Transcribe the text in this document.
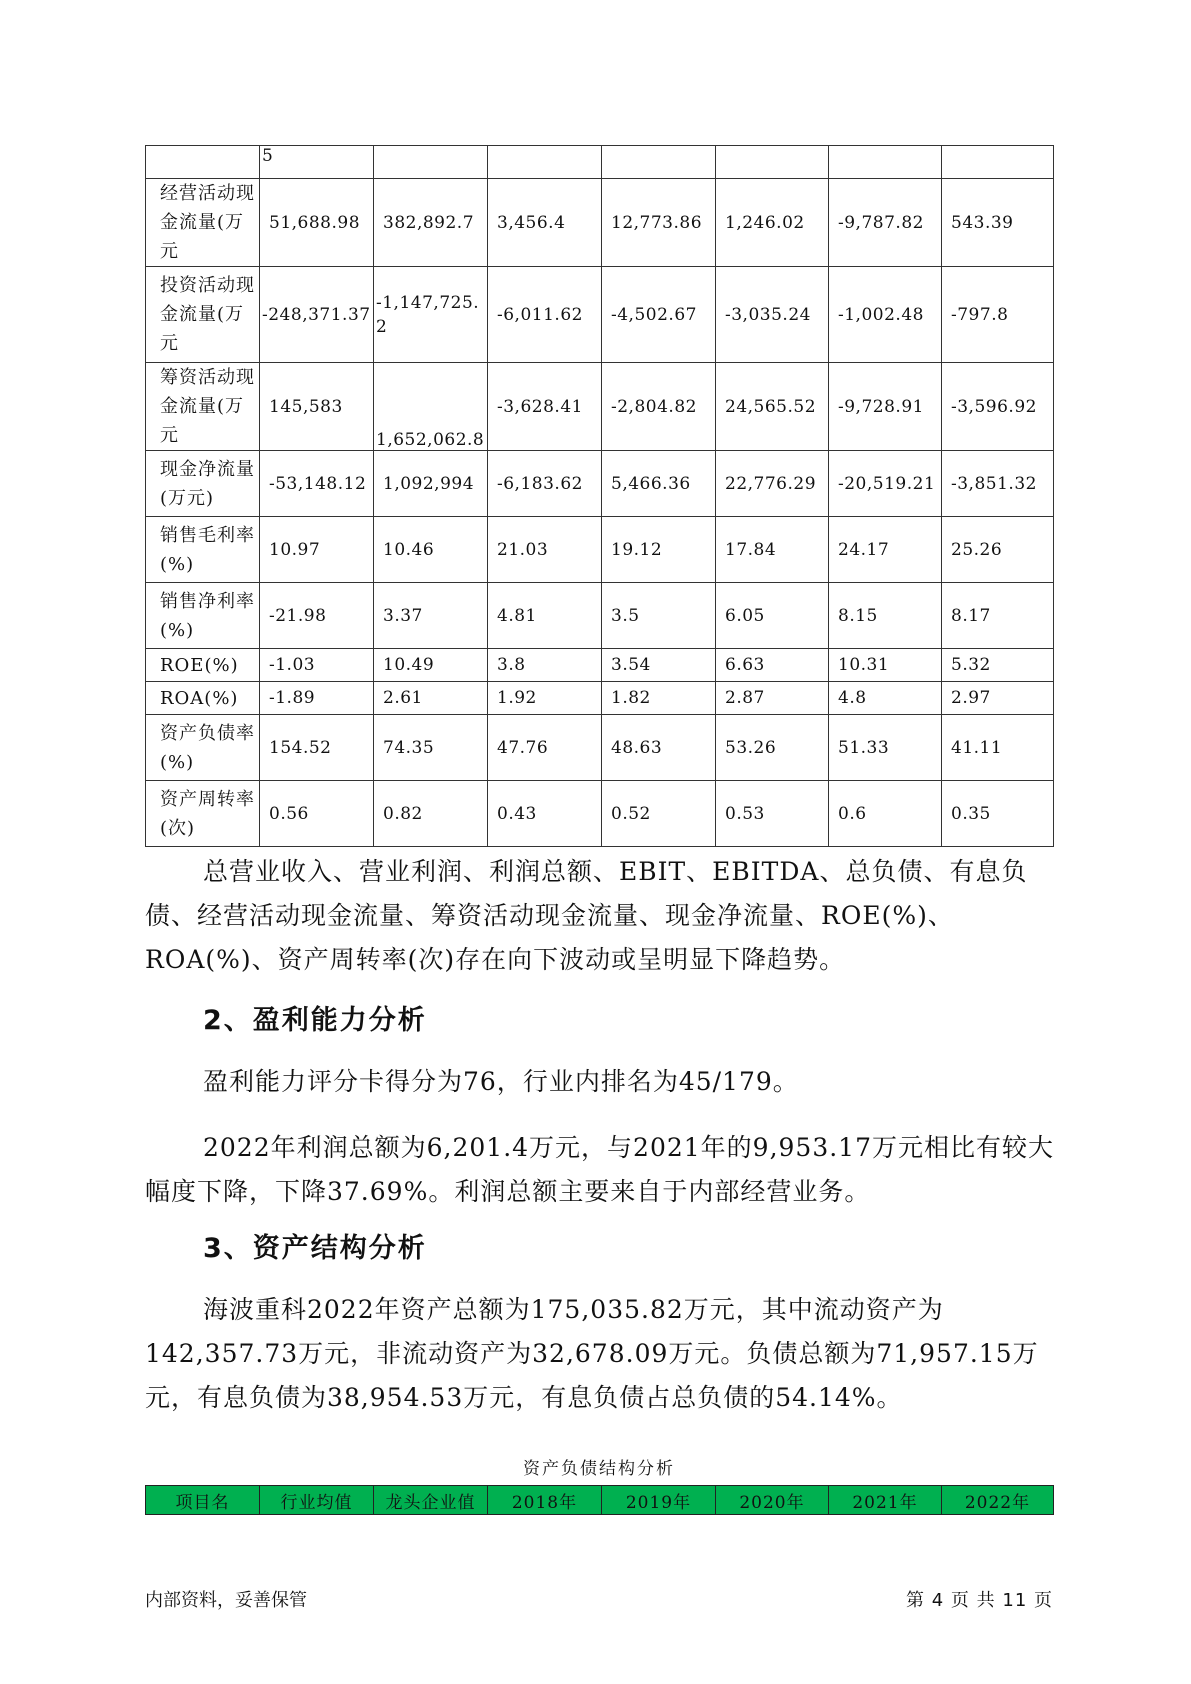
	5						
经营活动现金流量(万元	51,688.98	382,892.7	3,456.4	12,773.86	1,246.02	-9,787.82	543.39
投资活动现金流量(万元	-248,371.37	-1,147,725.2	-6,011.62	-4,502.67	-3,035.24	-1,002.48	-797.8
筹资活动现金流量(万元	145,583	1,652,062.8	-3,628.41	-2,804.82	24,565.52	-9,728.91	-3,596.92
现金净流量(万元)	-53,148.12	1,092,994	-6,183.62	5,466.36	22,776.29	-20,519.21	-3,851.32
销售毛利率(%)	10.97	10.46	21.03	19.12	17.84	24.17	25.26
销售净利率(%)	-21.98	3.37	4.81	3.5	6.05	8.15	8.17
ROE(%)	-1.03	10.49	3.8	3.54	6.63	10.31	5.32
ROA(%)	-1.89	2.61	1.92	1.82	2.87	4.8	2.97
资产负债率(%)	154.52	74.35	47.76	48.63	53.26	51.33	41.11
资产周转率(次)	0.56	0.82	0.43	0.52	0.53	0.6	0.35

总营业收入、营业利润、利润总额、EBIT、EBITDA、总负债、有息负债、经营活动现金流量、筹资活动现金流量、现金净流量、ROE(%)、ROA(%)、资产周转率(次)存在向下波动或呈明显下降趋势。

2、盈利能力分析

盈利能力评分卡得分为76，行业内排名为45/179。

2022年利润总额为6,201.4万元，与2021年的9,953.17万元相比有较大幅度下降，下降37.69%。利润总额主要来自于内部经营业务。

3、资产结构分析

海波重科2022年资产总额为175,035.82万元，其中流动资产为142,357.73万元，非流动资产为32,678.09万元。负债总额为71,957.15万元，有息负债为38,954.53万元，有息负债占总负债的54.14%。

资产负债结构分析
项目名	行业均值	龙头企业值	2018年	2019年	2020年	2021年	2022年
内部资料，妥善保管	第 4 页 共 11 页
